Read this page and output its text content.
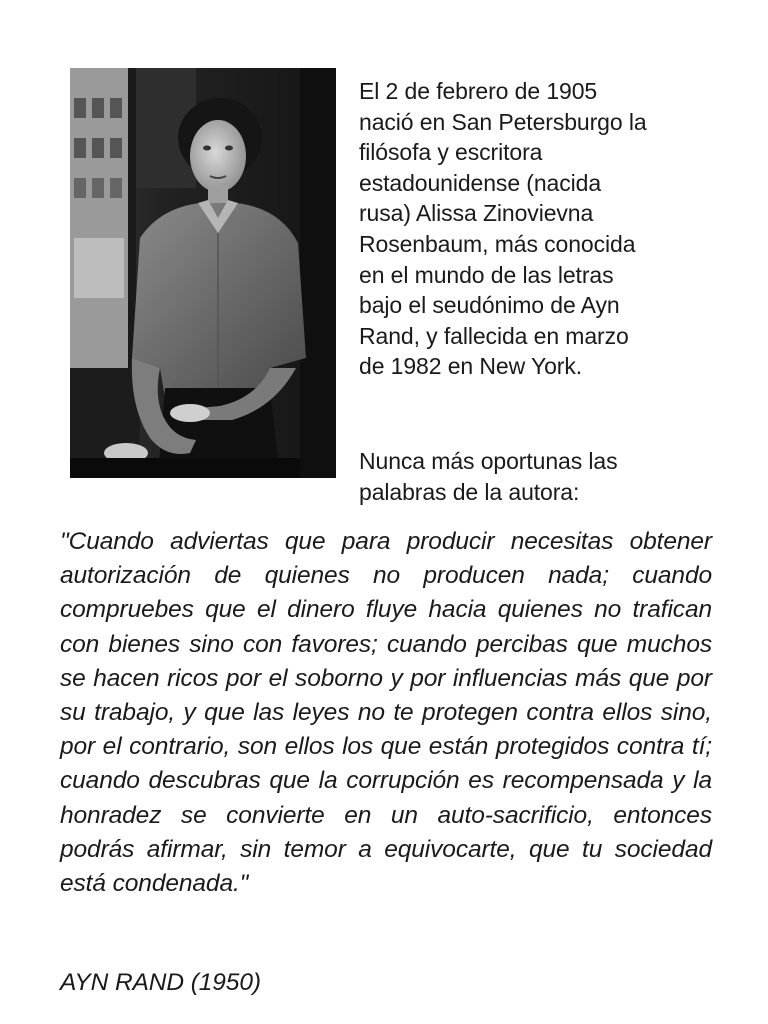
El 2 de febrero de 1905
nació en San Petersburgo la
filósofa y escritora
estadounidense (nacida
rusa) Alissa Zinovievna
Rosenbaum, más conocida
en el mundo de las letras
bajo el seudónimo de Ayn
Rand, y fallecida en marzo
de 1982 en New York.
Nunca más oportunas las
palabras de la autora:

"Cuando adviertas que para producir necesitas obtener autorización de quienes no producen nada; cuando compruebes que el dinero fluye hacia quienes no trafican con bienes sino con favores; cuando percibas que muchos se hacen ricos por el soborno y por influencias más que por su trabajo, y que las leyes no te protegen contra ellos sino, por el contrario, son ellos los que están protegidos contra tí; cuando descubras que la corrupción es recompensada y la honradez se convierte en un auto-sacrificio, entonces podrás afirmar, sin temor a equivocarte, que tu sociedad está condenada."

AYN RAND (1950)
